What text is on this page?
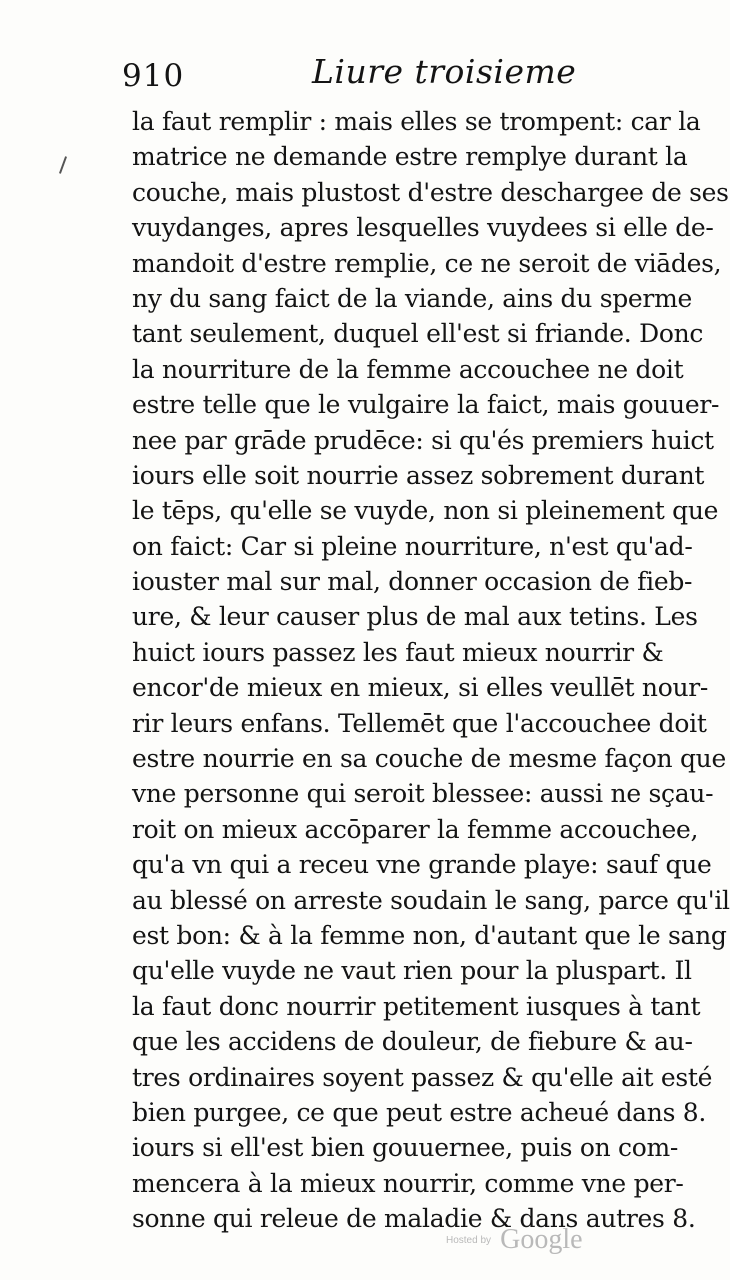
910	Liure troisieme
la faut remplir : mais elles se trompent: car la
matrice ne demande estre remplye durant la
couche, mais plustost d'estre deschargee de ses
vuydanges, apres lesquelles vuydees si elle de-
mandoit d'estre remplie, ce ne seroit de viādes,
ny du sang faict de la viande, ains du sperme
tant seulement, duquel ell'est si friande. Donc
la nourriture de la femme accouchee ne doit
estre telle que le vulgaire la faict, mais gouuer-
nee par grāde prudēce: si qu'és premiers huict
iours elle soit nourrie assez sobrement durant
le tēps, qu'elle se vuyde, non si pleinement que
on faict: Car si pleine nourriture, n'est qu'ad-
iouster mal sur mal, donner occasion de fieb-
ure, & leur causer plus de mal aux tetins. Les
huict iours passez les faut mieux nourrir &
encor'de mieux en mieux, si elles veullēt nour-
rir leurs enfans. Tellemēt que l'accouchee doit
estre nourrie en sa couche de mesme façon que
vne personne qui seroit blessee: aussi ne sçau-
roit on mieux accōparer la femme accouchee,
qu'a vn qui a receu vne grande playe: sauf que
au blessé on arreste soudain le sang, parce qu'il
est bon: & à la femme non, d'autant que le sang
qu'elle vuyde ne vaut rien pour la pluspart. Il
la faut donc nourrir petitement iusques à tant
que les accidens de douleur, de fiebure & au-
tres ordinaires soyent passez & qu'elle ait esté
bien purgee, ce que peut estre acheué dans 8.
iours si ell'est bien gouuernee, puis on com-
mencera à la mieux nourrir, comme vne per-
sonne qui releue de maladie & dans autres 8.
Hosted by Google
